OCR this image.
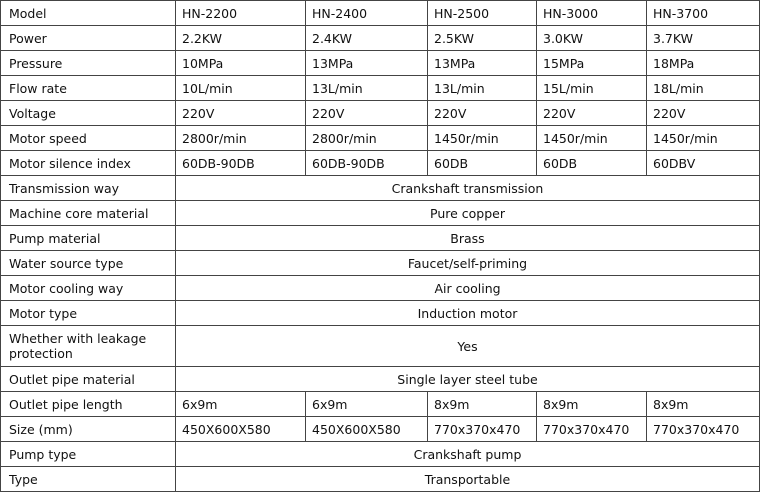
Model	HN-2200	HN-2400	HN-2500	HN-3000	HN-3700
Power	2.2KW	2.4KW	2.5KW	3.0KW	3.7KW
Pressure	10MPa	13MPa	13MPa	15MPa	18MPa
Flow rate	10L/min	13L/min	13L/min	15L/min	18L/min
Voltage	220V	220V	220V	220V	220V
Motor speed	2800r/min	2800r/min	1450r/min	1450r/min	1450r/min
Motor silence index	60DB-90DB	60DB-90DB	60DB	60DB	60DBV
Transmission way	Crankshaft transmission				
Machine core material	Pure copper				
Pump material	Brass				
Water source type	Faucet/self-priming				
Motor cooling way	Air cooling				
Motor type	Induction motor				
Whether with leakage protection	Yes				
Outlet pipe material	Single layer steel tube				
Outlet pipe length	6x9m	6x9m	8x9m	8x9m	8x9m
Size (mm)	450X600X580	450X600X580	770x370x470	770x370x470	770x370x470
Pump type	Crankshaft pump				
Type	Transportable				
